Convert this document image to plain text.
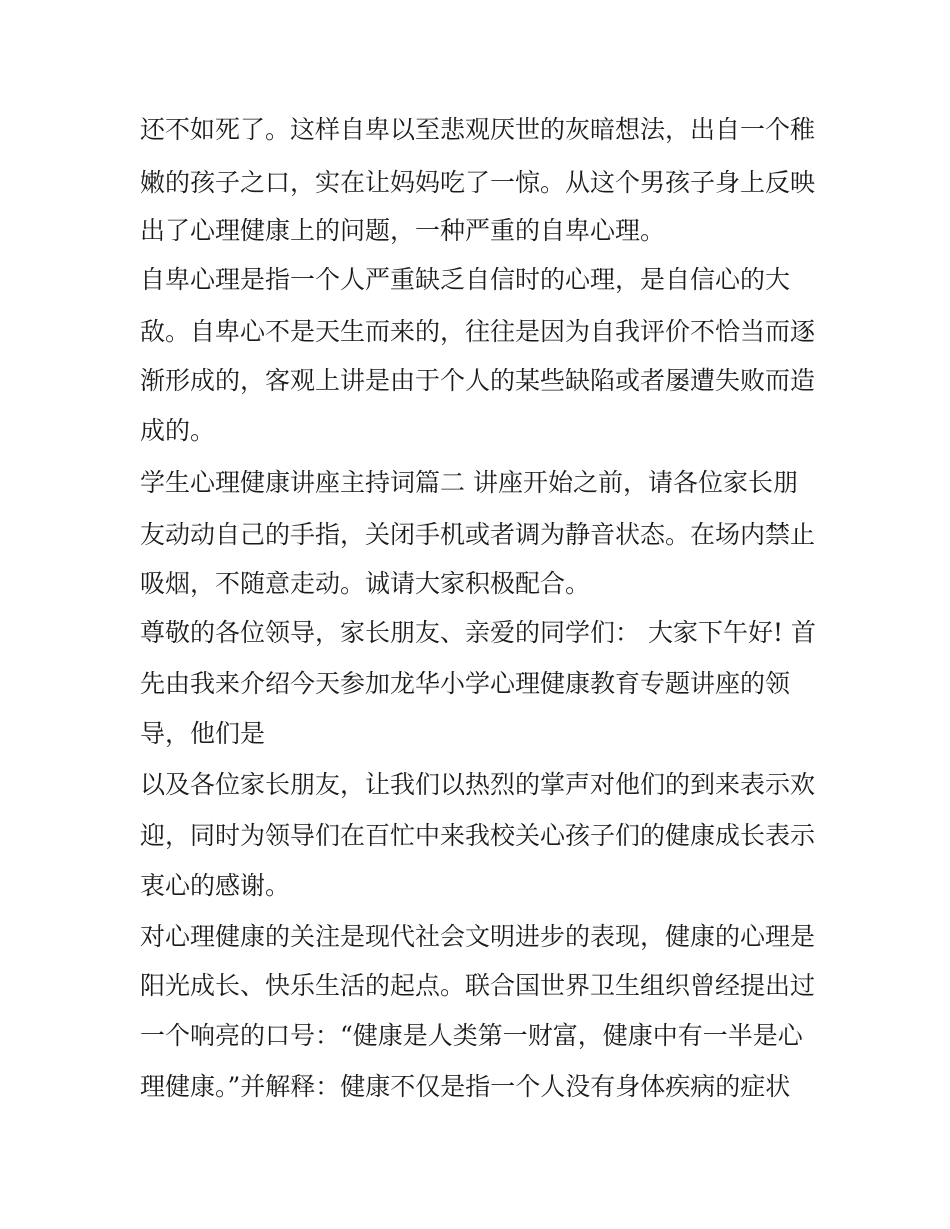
还不如死了。这样自卑以至悲观厌世的灰暗想法，出自一个稚
嫩的孩子之口，实在让妈妈吃了一惊。从这个男孩子身上反映
出了心理健康上的问题，一种严重的自卑心理。
自卑心理是指一个人严重缺乏自信时的心理，是自信心的大
敌。自卑心不是天生而来的，往往是因为自我评价不恰当而逐
渐形成的，客观上讲是由于个人的某些缺陷或者屡遭失败而造
成的。
学生心理健康讲座主持词篇二 讲座开始之前，请各位家长朋
友动动自己的手指，关闭手机或者调为静音状态。在场内禁止
吸烟，不随意走动。诚请大家积极配合。
尊敬的各位领导，家长朋友、亲爱的同学们： 大家下午好! 首
先由我来介绍今天参加龙华小学心理健康教育专题讲座的领
导，他们是
以及各位家长朋友，让我们以热烈的掌声对他们的到来表示欢
迎，同时为领导们在百忙中来我校关心孩子们的健康成长表示
衷心的感谢。
对心理健康的关注是现代社会文明进步的表现，健康的心理是
阳光成长、快乐生活的起点。联合国世界卫生组织曾经提出过
一个响亮的口号：“健康是人类第一财富，健康中有一半是心
理健康。”并解释：健康不仅是指一个人没有身体疾病的症状
